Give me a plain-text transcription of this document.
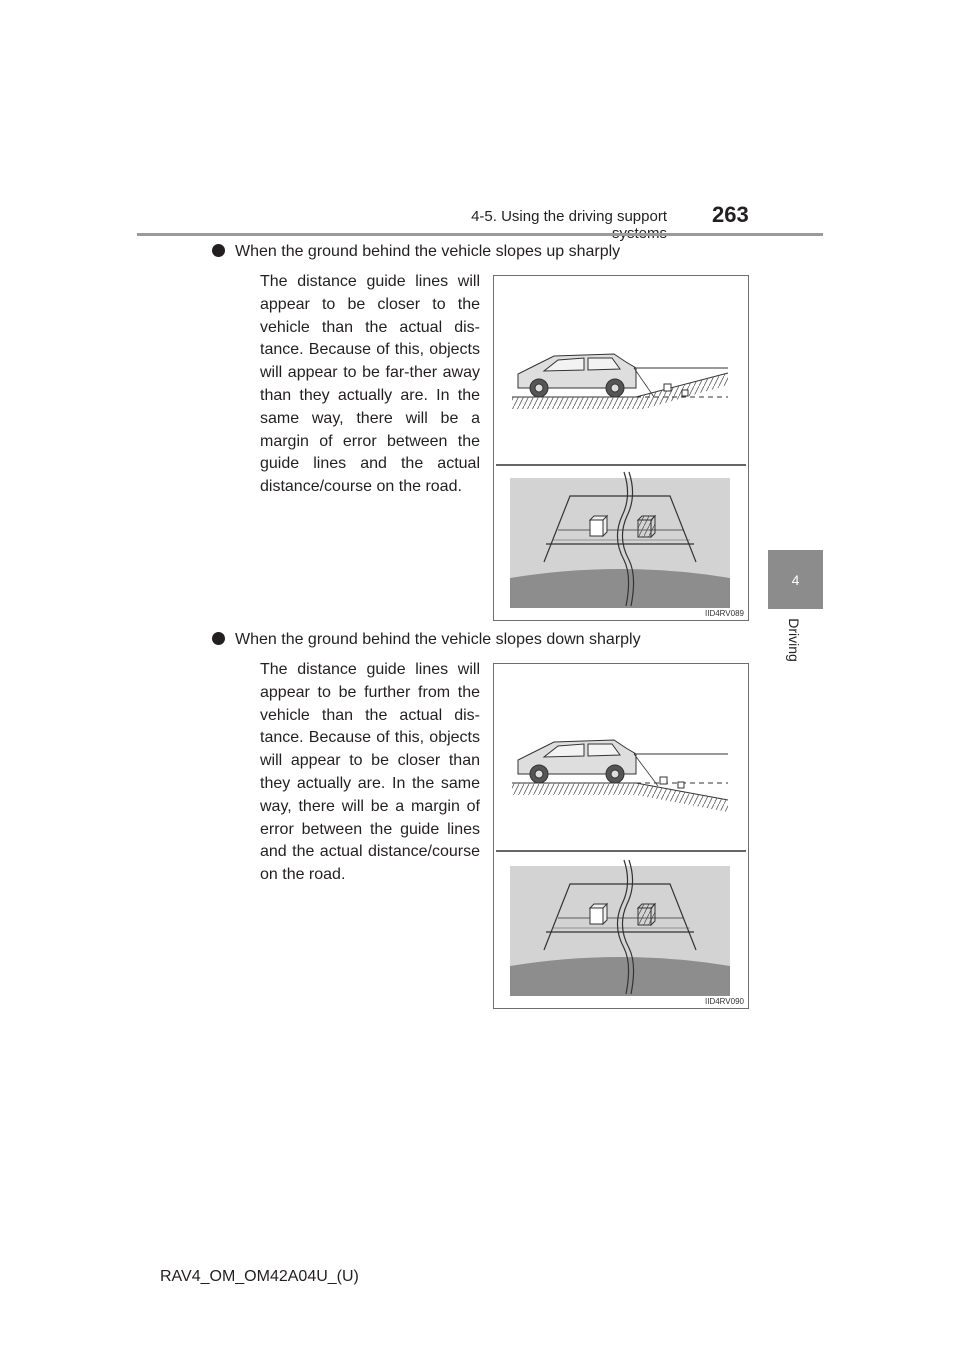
4-5. Using the driving support 263
4
Driving
When the ground behind the vehicle slopes up sharply
The distance guide lines will appear to be closer to the vehicle than the actual dis-tance. Because of this, objects will appear to be far-ther away than they actually are. In the same way, there will be a margin of error between the guide lines and the actual distance/course on the road.
IID4RV089
When the ground behind the vehicle slopes down sharply
The distance guide lines will appear to be further from the vehicle than the actual dis-tance. Because of this, objects will appear to be closer than they actually are. In the same way, there will be a margin of error between the guide lines and the actual distance/course on the road.
IID4RV090
RAV4_OM_OM42A04U_(U)
